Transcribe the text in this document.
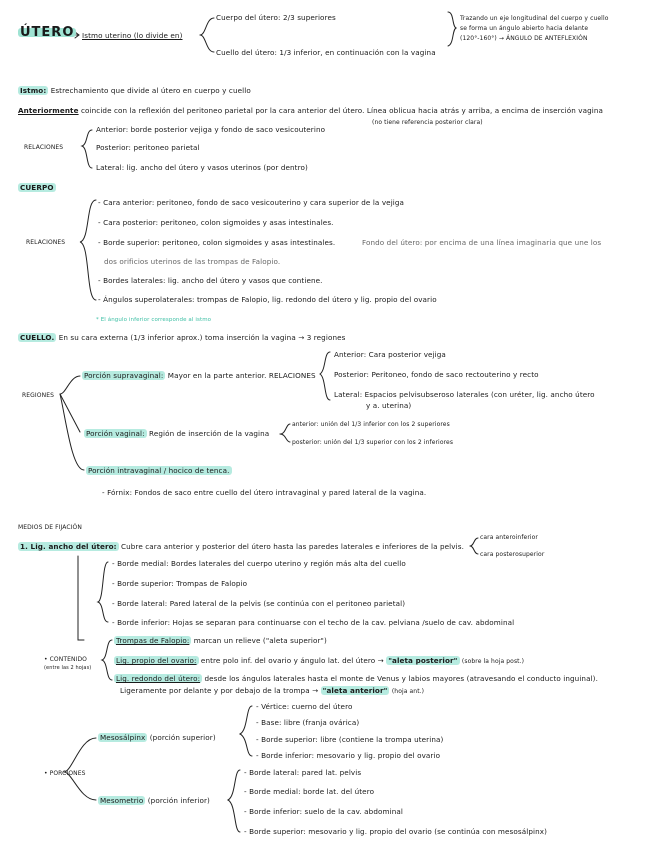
ÚTERO Istmo uterino (lo divide en)
Cuerpo del útero: 2/3 superiores
Cuello del útero: 1/3 inferior, en continuación con la vagina
Trazando un eje longitudinal del cuerpo y cuello
se forma un ángulo abierto hacia delante
(120°-160°) → ÁNGULO DE ANTEFLEXIÓN
Istmo: Estrechamiento que divide al útero en cuerpo y cuello
Anteriormente coincide con la reflexión del peritoneo parietal por la cara anterior del útero. Línea oblicua hacia atrás y arriba, a encima de inserción vagina
(no tiene referencia posterior clara)
RELACIONES
Anterior: borde posterior vejiga y fondo de saco vesicouterino
Posterior: peritoneo parietal
Lateral: lig. ancho del útero y vasos uterinos (por dentro)
CUERPO
RELACIONES
- Cara anterior: peritoneo, fondo de saco vesicouterino y cara superior de la vejiga
- Cara posterior: peritoneo, colon sigmoides y asas intestinales.
- Borde superior: peritoneo, colon sigmoides y asas intestinales.	Fondo del útero: por encima de una línea imaginaria que une los
dos orificios uterinos de las trompas de Falopio.
- Bordes laterales: lig. ancho del útero y vasos que contiene.
- Ángulos superolaterales: trompas de Falopio, lig. redondo del útero y lig. propio del ovario
* El ángulo inferior corresponde al istmo
CUELLO. En su cara externa (1/3 inferior aprox.) toma inserción la vagina → 3 regiones
REGIONES
Porción supravaginal: Mayor en la parte anterior. RELACIONES
Anterior: Cara posterior vejiga
Posterior: Peritoneo, fondo de saco rectouterino y recto
Lateral: Espacios pelvisubseroso laterales (con uréter, lig. ancho útero
y a. uterina)
Porción vaginal: Región de inserción de la vagina
anterior: unión del 1/3 inferior con los 2 superiores
posterior: unión del 1/3 superior con los 2 inferiores
Porción intravaginal / hocico de tenca.
- Fórnix: Fondos de saco entre cuello del útero intravaginal y pared lateral de la vagina.
MEDIOS DE FIJACIÓN
1. Lig. ancho del útero: Cubre cara anterior y posterior del útero hasta las paredes laterales e inferiores de la pelvis.
cara anteroinferior
cara posterosuperior
- Borde medial: Bordes laterales del cuerpo uterino y región más alta del cuello
- Borde superior: Trompas de Falopio
- Borde lateral: Pared lateral de la pelvis (se continúa con el peritoneo parietal)
- Borde inferior: Hojas se separan para continuarse con el techo de la cav. pelviana /suelo de cav. abdominal
• CONTENIDO
(entre las 2 hojas)
Trompas de Falopio: marcan un relieve ("aleta superior")
Lig. propio del ovario: entre polo inf. del ovario y ángulo lat. del útero → "aleta posterior" (sobre la hoja post.)
Lig. redondo del útero: desde los ángulos laterales hasta el monte de Venus y labios mayores (atravesando el conducto inguinal).
Ligeramente por delante y por debajo de la trompa → "aleta anterior" (hoja ant.)
• PORCIONES
Mesosálpinx (porción superior)
- Vértice: cuerno del útero
- Base: libre (franja ovárica)
- Borde superior: libre (contiene la trompa uterina)
- Borde inferior: mesovario y lig. propio del ovario
Mesometrio (porción inferior)
- Borde lateral: pared lat. pelvis
- Borde medial: borde lat. del útero
- Borde inferior: suelo de la cav. abdominal
- Borde superior: mesovario y lig. propio del ovario (se continúa con mesosálpinx)
